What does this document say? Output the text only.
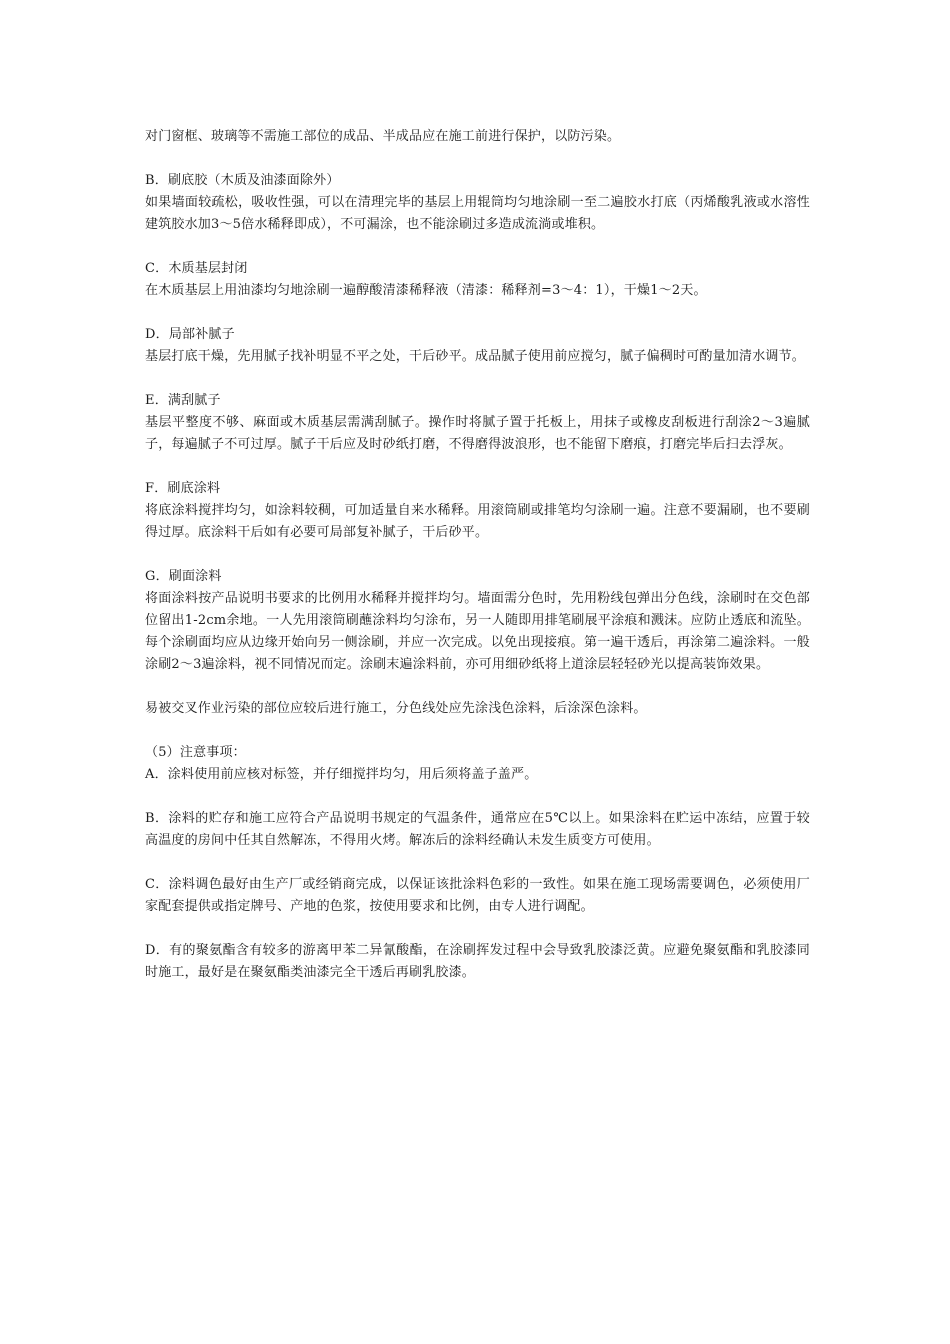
对门窗框、玻璃等不需施工部位的成品、半成品应在施工前进行保护，以防污染。

B．刷底胶（木质及油漆面除外）

如果墙面较疏松，吸收性强，可以在清理完毕的基层上用辊筒均匀地涂刷一至二遍胶水打底（丙烯酸乳液或水溶性建筑胶水加3～5倍水稀释即成），不可漏涂，也不能涂刷过多造成流淌或堆积。

C．木质基层封闭

在木质基层上用油漆均匀地涂刷一遍醇酸清漆稀释液（清漆：稀释剂=3～4：1），干燥1～2天。

D．局部补腻子

基层打底干燥，先用腻子找补明显不平之处，干后砂平。成品腻子使用前应搅匀，腻子偏稠时可酌量加清水调节。

E．满刮腻子

基层平整度不够、麻面或木质基层需满刮腻子。操作时将腻子置于托板上，用抹子或橡皮刮板进行刮涂2～3遍腻子，每遍腻子不可过厚。腻子干后应及时砂纸打磨，不得磨得波浪形，也不能留下磨痕，打磨完毕后扫去浮灰。

F．刷底涂料

将底涂料搅拌均匀，如涂料较稠，可加适量自来水稀释。用滚筒刷或排笔均匀涂刷一遍。注意不要漏刷，也不要刷得过厚。底涂料干后如有必要可局部复补腻子，干后砂平。

G．刷面涂料

将面涂料按产品说明书要求的比例用水稀释并搅拌均匀。墙面需分色时，先用粉线包弹出分色线，涂刷时在交色部位留出1-2cm余地。一人先用滚筒刷蘸涂料均匀涂布，另一人随即用排笔刷展平涂痕和溅沫。应防止透底和流坠。每个涂刷面均应从边缘开始向另一侧涂刷，并应一次完成。以免出现接痕。第一遍干透后，再涂第二遍涂料。一般涂刷2～3遍涂料，视不同情况而定。涂刷末遍涂料前，亦可用细砂纸将上道涂层轻轻砂光以提高装饰效果。

易被交叉作业污染的部位应较后进行施工，分色线处应先涂浅色涂料，后涂深色涂料。

（5）注意事项：

A．涂料使用前应核对标签，并仔细搅拌均匀，用后须将盖子盖严。

B．涂料的贮存和施工应符合产品说明书规定的气温条件，通常应在5℃以上。如果涂料在贮运中冻结，应置于较高温度的房间中任其自然解冻，不得用火烤。解冻后的涂料经确认未发生质变方可使用。

C．涂料调色最好由生产厂或经销商完成，以保证该批涂料色彩的一致性。如果在施工现场需要调色，必须使用厂家配套提供或指定牌号、产地的色浆，按使用要求和比例，由专人进行调配。

D．有的聚氨酯含有较多的游离甲苯二异氰酸酯，在涂刷挥发过程中会导致乳胶漆泛黄。应避免聚氨酯和乳胶漆同时施工，最好是在聚氨酯类油漆完全干透后再刷乳胶漆。
